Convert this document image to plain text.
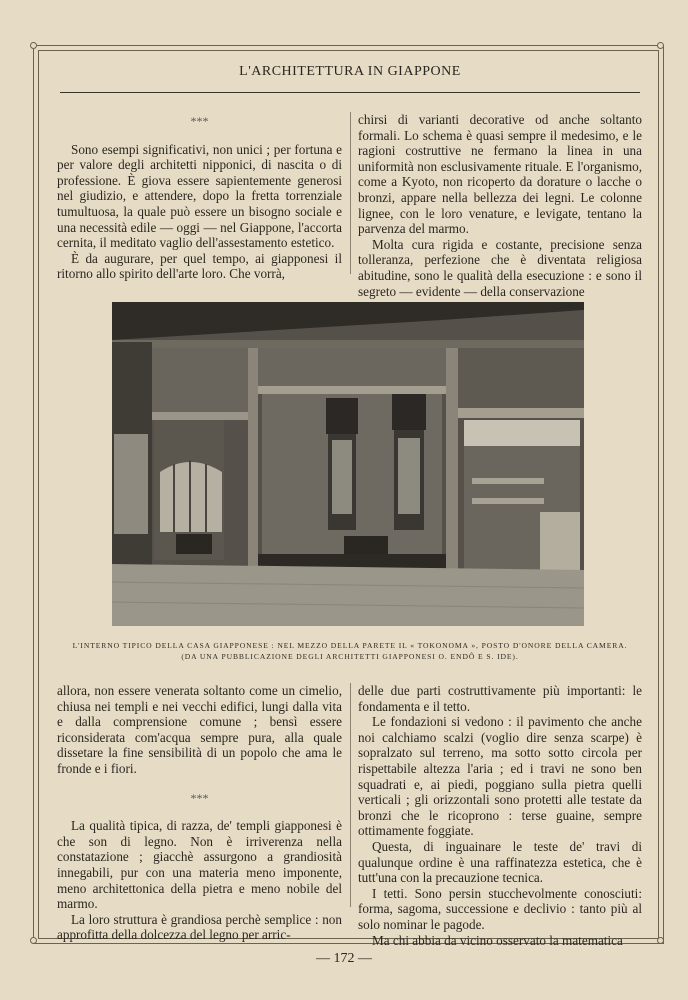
L'ARCHITETTURA IN GIAPPONE

***

Sono esempi significativi, non unici ; per fortuna e per valore degli architetti nipponici, di nascita o di professione. È giova essere sapientemente generosi nel giudizio, e attendere, dopo la fretta torrenziale tumultuosa, la quale può essere un bisogno sociale e una necessità edile — oggi — nel Giappone, l'accorta cernita, il meditato vaglio dell'assestamento estetico.

È da augurare, per quel tempo, ai giapponesi il ritorno allo spirito dell'arte loro. Che vorrà,

chirsi di varianti decorative od anche soltanto formali. Lo schema è quasi sempre il medesimo, e le ragioni costruttive ne fermano la linea in una uniformità non esclusivamente rituale. E l'organismo, come a Kyoto, non ricoperto da dorature o lacche o bronzi, appare nella bellezza dei legni. Le colonne lignee, con le loro venature, e levigate, tentano la parvenza del marmo.

Molta cura rigida e costante, precisione senza tolleranza, perfezione che è diventata religiosa abitudine, sono le qualità della esecuzione : e sono il segreto — evidente — della conservazione

L'INTERNO TIPICO DELLA CASA GIAPPONESE : NEL MEZZO DELLA PARETE IL « TOKONOMA », POSTO D'ONORE DELLA CAMERA.
(DA UNA PUBBLICAZIONE DEGLI ARCHITETTI GIAPPONESI O. ENDÔ E S. IDE).

allora, non essere venerata soltanto come un cimelio, chiusa nei templi e nei vecchi edifici, lungi dalla vita e dalla comprensione comune ; bensì essere riconsiderata com'acqua sempre pura, alla quale dissetare la fine sensibilità di un popolo che ama le fronde e i fiori.

***

La qualità tipica, di razza, de' templi giapponesi è che son di legno. Non è irriverenza nella constatazione ; giacchè assurgono a grandiosità innegabili, pur con una materia meno imponente, meno architettonica della pietra e meno nobile del marmo.

La loro struttura è grandiosa perchè semplice : non approfitta della dolcezza del legno per arric-

delle due parti costruttivamente più importanti: le fondamenta e il tetto.

Le fondazioni si vedono : il pavimento che anche noi calchiamo scalzi (voglio dire senza scarpe) è sopralzato sul terreno, ma sotto sotto circola per rispettabile altezza l'aria ; ed i travi ne sono ben squadrati e, ai piedi, poggiano sulla pietra quelli verticali ; gli orizzontali sono protetti alle testate da bronzi che le ricoprono : terse guaine, sempre ottimamente foggiate.

Questa, di inguainare le teste de' travi di qualunque ordine è una raffinatezza estetica, che è tutt'una con la precauzione tecnica.

I tetti. Sono persin stucchevolmente conosciuti: forma, sagoma, successione e declivio : tanto più al solo nominar le pagode.

Ma chi abbia da vicino osservato la matematica

— 172 —
